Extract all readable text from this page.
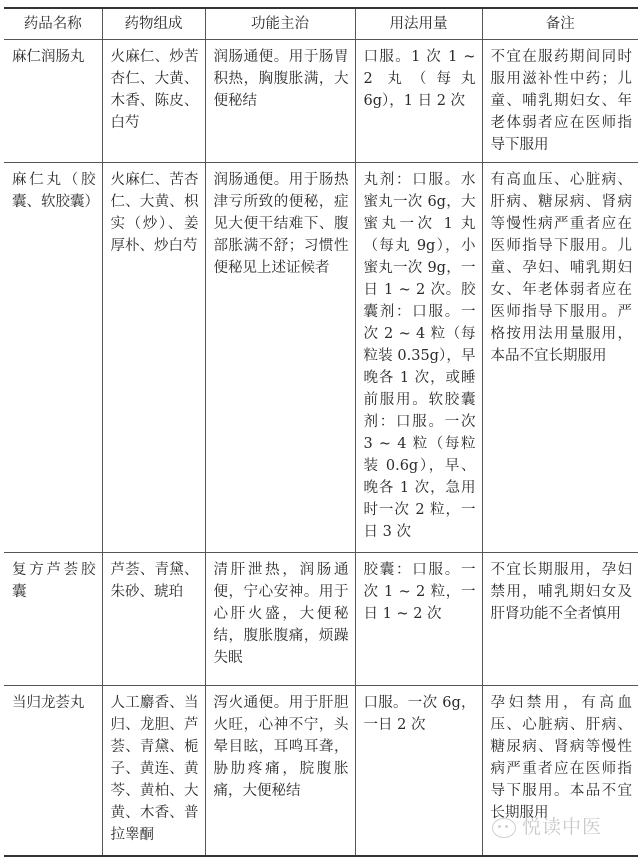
药品名称	药物组成	功能主治	用法用量	备注
麻仁润肠丸	火麻仁、炒苦杏仁、大黄、木香、陈皮、白芍	润肠通便。用于肠胃积热，胸腹胀满，大便秘结	口服。1 次 1 ~ 2 丸（每丸 6g），1 日 2 次	不宜在服药期间同时服用滋补性中药；儿童、哺乳期妇女、年老体弱者应在医师指导下服用
麻仁丸（胶囊、软胶囊）	火麻仁、苦杏仁、大黄、枳实（炒）、姜厚朴、炒白芍	润肠通便。用于肠热津亏所致的便秘，症见大便干结难下、腹部胀满不舒；习惯性便秘见上述证候者	丸剂：口服。水蜜丸一次 6g，大蜜丸一次 1 丸（每丸 9g），小蜜丸一次 9g，一日 1 ~ 2 次。胶囊剂：口服。一次 2 ~ 4 粒（每粒装 0.35g），早晚各 1 次，或睡前服用。软胶囊剂：口服。一次 3 ~ 4 粒（每粒装 0.6g），早、晚各 1 次，急用时一次 2 粒，一日 3 次	有高血压、心脏病、肝病、糖尿病、肾病等慢性病严重者应在医师指导下服用。儿童、孕妇、哺乳期妇女、年老体弱者应在医师指导下服用。严格按用法用量服用，本品不宜长期服用
复方芦荟胶囊	芦荟、青黛、朱砂、琥珀	清肝泄热，润肠通便，宁心安神。用于心肝火盛，大便秘结，腹胀腹痛，烦躁失眠	胶囊：口服。一次 1 ~ 2 粒，一日 1 ~ 2 次	不宜长期服用，孕妇禁用，哺乳期妇女及肝肾功能不全者慎用
当归龙荟丸	人工麝香、当归、龙胆、芦荟、青黛、栀子、黄连、黄芩、黄柏、大黄、木香、普拉睾酮	泻火通便。用于肝胆火旺，心神不宁，头晕目眩，耳鸣耳聋，胁肋疼痛，脘腹胀痛，大便秘结	口服。一次 6g，一日 2 次	孕妇禁用，有高血压、心脏病、肝病、糖尿病、肾病等慢性病严重者应在医师指导下服用。本品不宜长期服用
悦读中医
